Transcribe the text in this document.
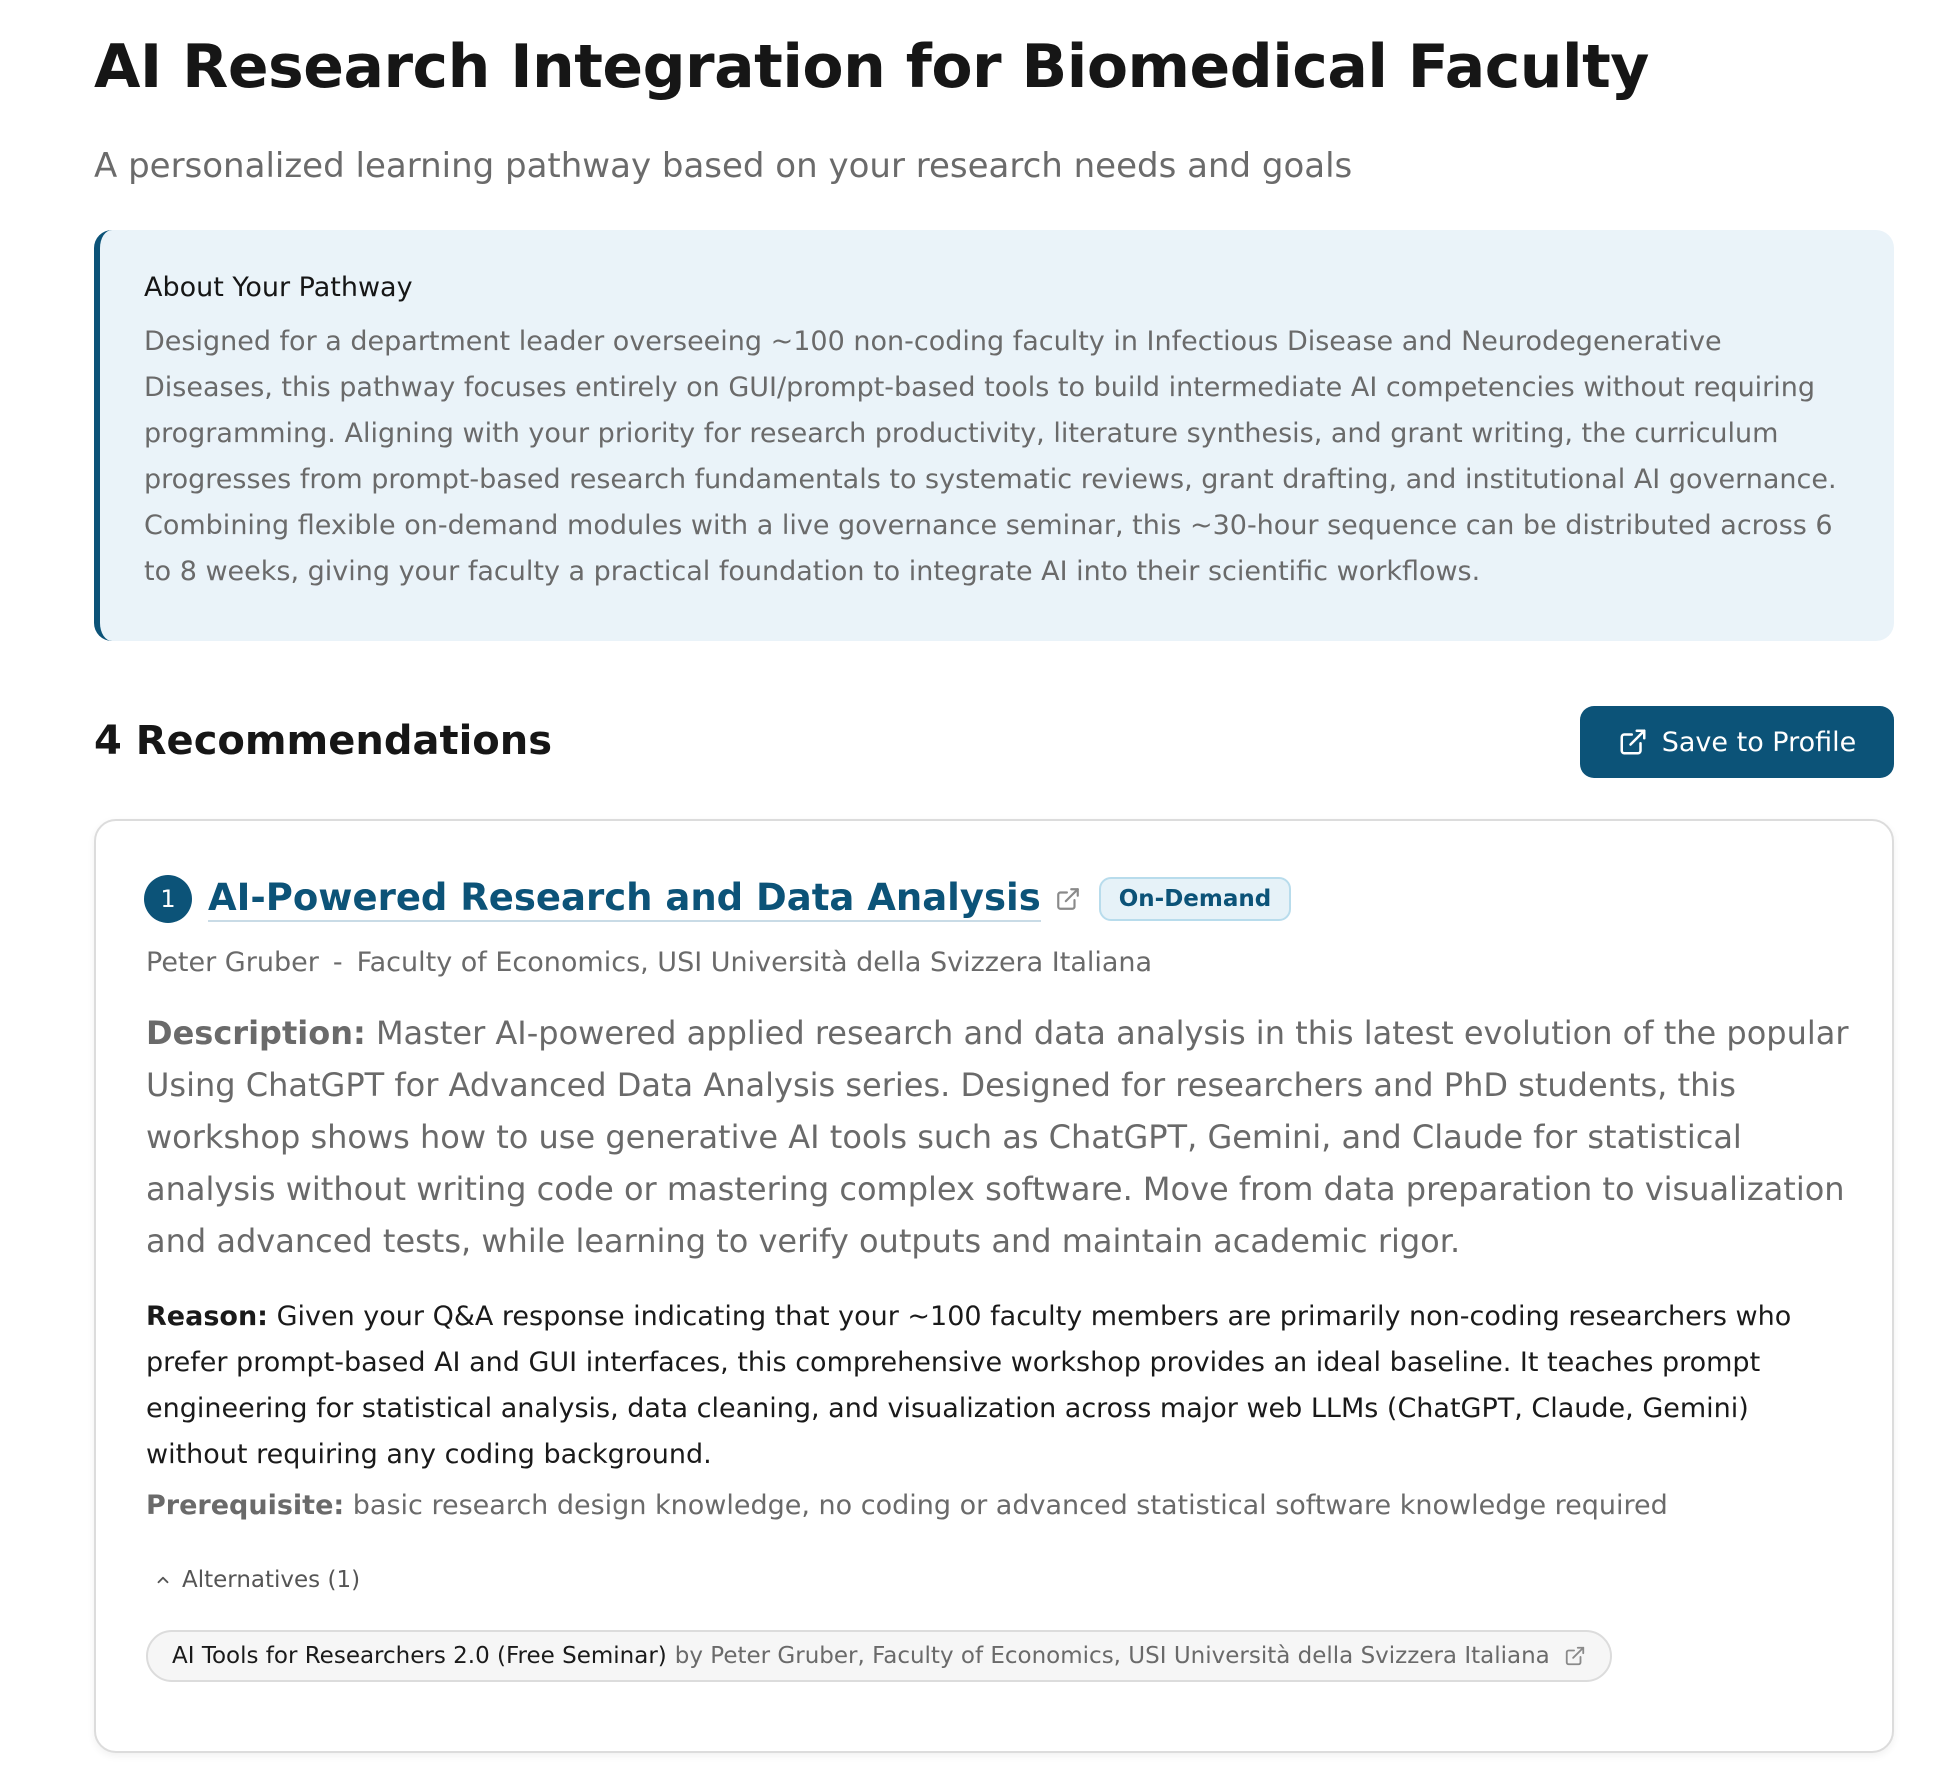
AI Research Integration for Biomedical Faculty
A personalized learning pathway based on your research needs and goals
About Your Pathway

Designed for a department leader overseeing ~100 non-coding faculty in Infectious Disease and Neurodegenerative Diseases, this pathway focuses entirely on GUI/prompt-based tools to build intermediate AI competencies without requiring programming. Aligning with your priority for research productivity, literature synthesis, and grant writing, the curriculum progresses from prompt-based research fundamentals to systematic reviews, grant drafting, and institutional AI governance. Combining flexible on-demand modules with a live governance seminar, this ~30-hour sequence can be distributed across 6 to 8 weeks, giving your faculty a practical foundation to integrate AI into their scientific workflows.

4 Recommendations	Save to Profile
1 AI-Powered Research and Data Analysis	On-Demand
Peter Gruber - Faculty of Economics, USI Università della Svizzera Italiana

Description: Master AI-powered applied research and data analysis in this latest evolution of the popular Using ChatGPT for Advanced Data Analysis series. Designed for researchers and PhD students, this workshop shows how to use generative AI tools such as ChatGPT, Gemini, and Claude for statistical analysis without writing code or mastering complex software. Move from data preparation to visualization and advanced tests, while learning to verify outputs and maintain academic rigor.

Reason: Given your Q&A response indicating that your ~100 faculty members are primarily non-coding researchers who prefer prompt-based AI and GUI interfaces, this comprehensive workshop provides an ideal baseline. It teaches prompt engineering for statistical analysis, data cleaning, and visualization across major web LLMs (ChatGPT, Claude, Gemini) without requiring any coding background.

Prerequisite: basic research design knowledge, no coding or advanced statistical software knowledge required

Alternatives (1)
AI Tools for Researchers 2.0 (Free Seminar) by Peter Gruber, Faculty of Economics, USI Università della Svizzera Italiana
